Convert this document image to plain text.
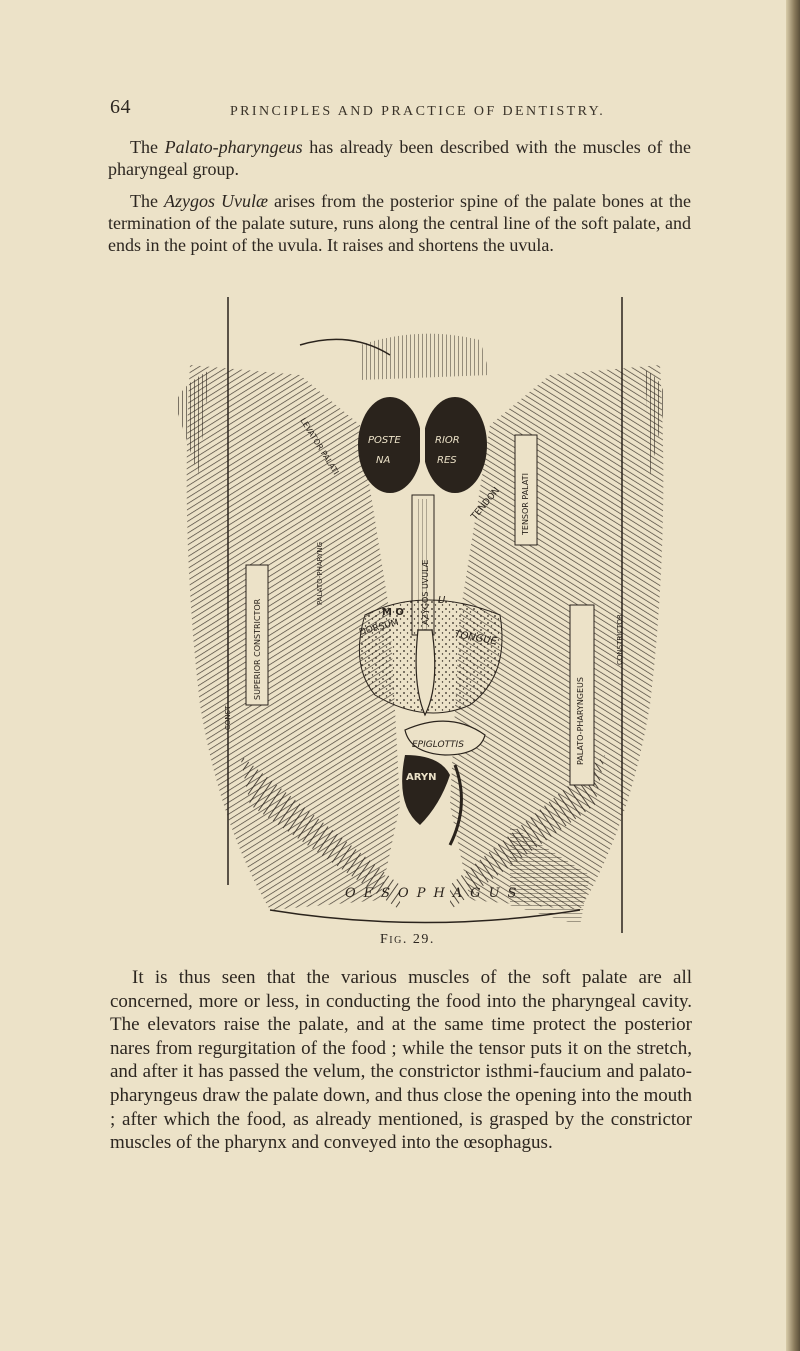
64	PRINCIPLES AND PRACTICE OF DENTISTRY.

The Palato-pharyngeus has already been described with the muscles of the pharyngeal group.

The Azygos Uvulæ arises from the posterior spine of the palate bones at the termination of the palate suture, runs along the central line of the soft palate, and ends in the point of the uvula. It raises and shortens the uvula.

POSTE	RIOR
NA	RES
TENDON TENSOR PALATI
AZYGOS UVULÆ
LEVATOR PALATI
DORSUM
M O
U
TONGUE
SUPERIOR CONSTRICTOR
PALATO-PHARYNGEUS
CONST
PALATO-PHARYNG
CONSTRICTOR
EPIGLOTTIS
ARYN
OESOPHAGUS
Fig. 29.

It is thus seen that the various muscles of the soft palate are all concerned, more or less, in conducting the food into the pharyngeal cavity. The elevators raise the palate, and at the same time protect the posterior nares from regurgitation of the food ; while the tensor puts it on the stretch, and after it has passed the velum, the constrictor isthmi-faucium and palato-pharyngeus draw the palate down, and thus close the opening into the mouth ; after which the food, as already mentioned, is grasped by the constrictor muscles of the pharynx and conveyed into the œsophagus.
